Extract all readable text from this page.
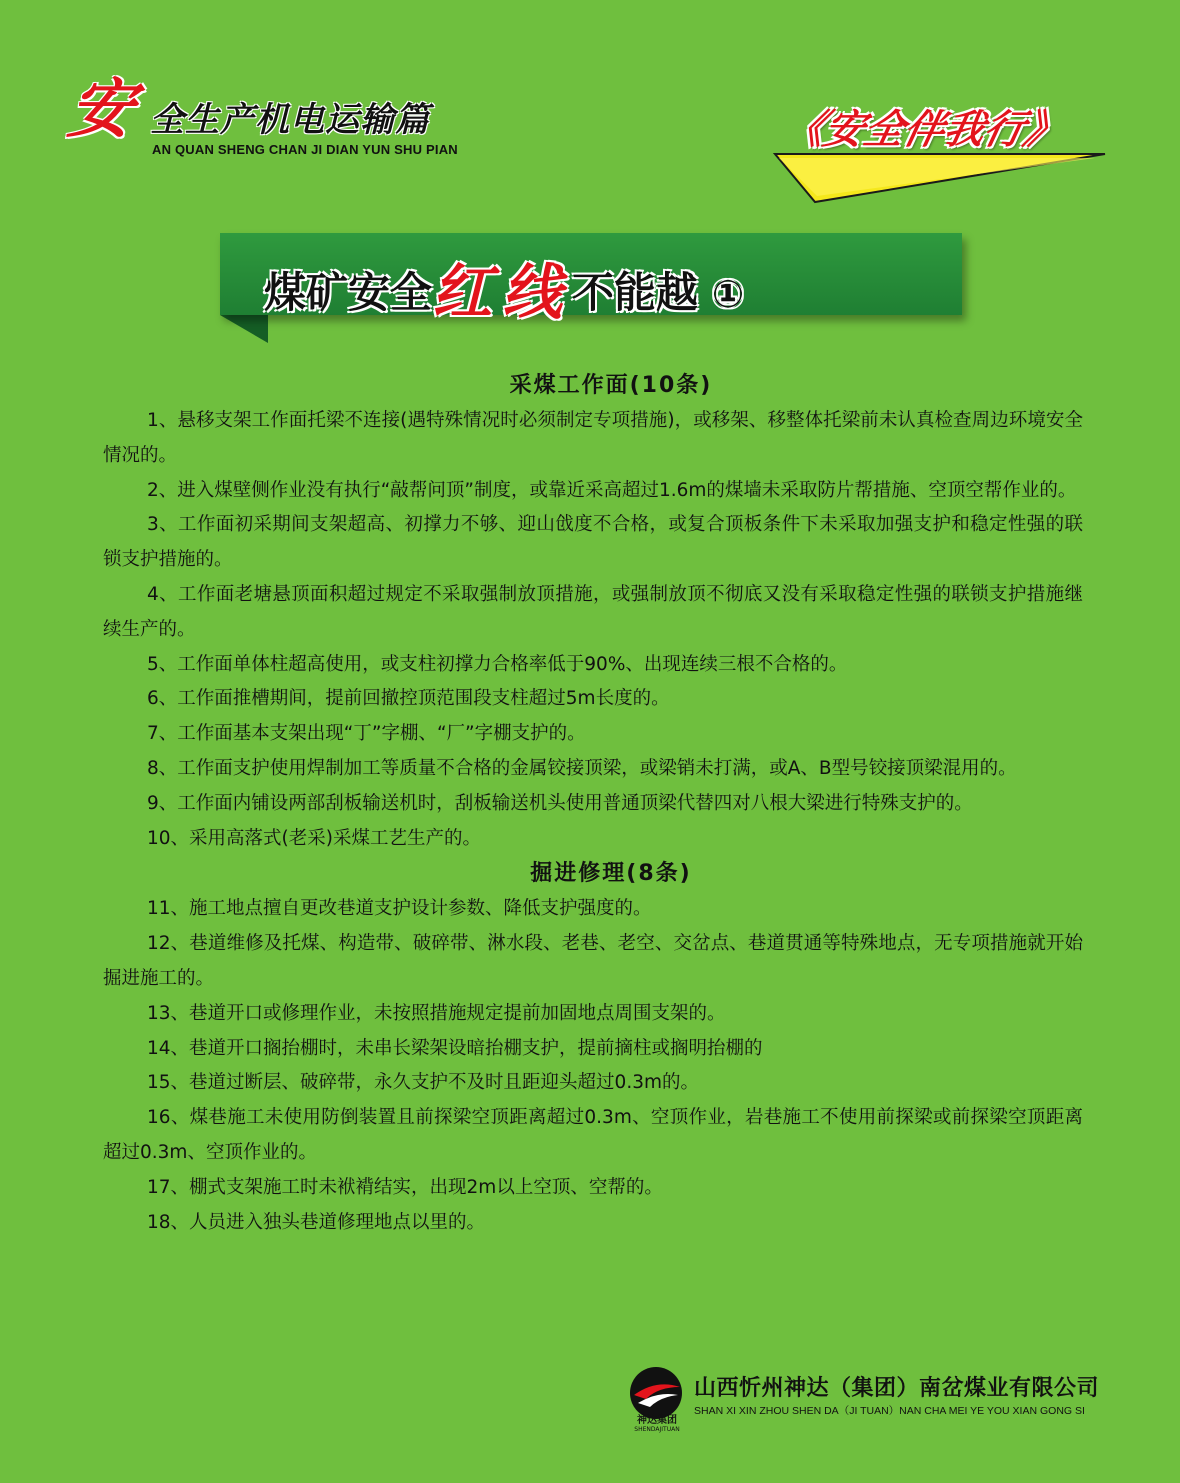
安 全生产机电运输篇
AN QUAN SHENG CHAN JI DIAN YUN SHU PIAN	《安全伴我行》
煤矿安全红线不能越 ①
采煤工作面(10条)

1、悬移支架工作面托梁不连接(遇特殊情况时必须制定专项措施)，或移架、移整体托梁前未认真检查周边环境安全情况的。

2、进入煤壁侧作业没有执行“敲帮问顶”制度，或靠近采高超过1.6m的煤墙未采取防片帮措施、空顶空帮作业的。

3、工作面初采期间支架超高、初撑力不够、迎山戗度不合格，或复合顶板条件下未采取加强支护和稳定性强的联锁支护措施的。

4、工作面老塘悬顶面积超过规定不采取强制放顶措施，或强制放顶不彻底又没有采取稳定性强的联锁支护措施继续生产的。

5、工作面单体柱超高使用，或支柱初撑力合格率低于90%、出现连续三根不合格的。

6、工作面推槽期间，提前回撤控顶范围段支柱超过5m长度的。

7、工作面基本支架出现“丁”字棚、“厂”字棚支护的。

8、工作面支护使用焊制加工等质量不合格的金属铰接顶梁，或梁销未打满，或A、B型号铰接顶梁混用的。

9、工作面内铺设两部刮板输送机时，刮板输送机头使用普通顶梁代替四对八根大梁进行特殊支护的。

10、采用高落式(老采)采煤工艺生产的。

掘进修理(8条)

11、施工地点擅自更改巷道支护设计参数、降低支护强度的。

12、巷道维修及托煤、构造带、破碎带、淋水段、老巷、老空、交岔点、巷道贯通等特殊地点，无专项措施就开始掘进施工的。

13、巷道开口或修理作业，未按照措施规定提前加固地点周围支架的。

14、巷道开口搁抬棚时，未串长梁架设暗抬棚支护，提前摘柱或搁明抬棚的

15、巷道过断层、破碎带，永久支护不及时且距迎头超过0.3m的。

16、煤巷施工未使用防倒装置且前探梁空顶距离超过0.3m、空顶作业，岩巷施工不使用前探梁或前探梁空顶距离超过0.3m、空顶作业的。

17、棚式支架施工时未袱褙结实，出现2m以上空顶、空帮的。

18、人员进入独头巷道修理地点以里的。

神达集团
SHENDAJITUAN
山西忻州神达（集团）南岔煤业有限公司
SHAN XI XIN ZHOU SHEN DA（JI TUAN）NAN CHA MEI YE YOU XIAN GONG SI
